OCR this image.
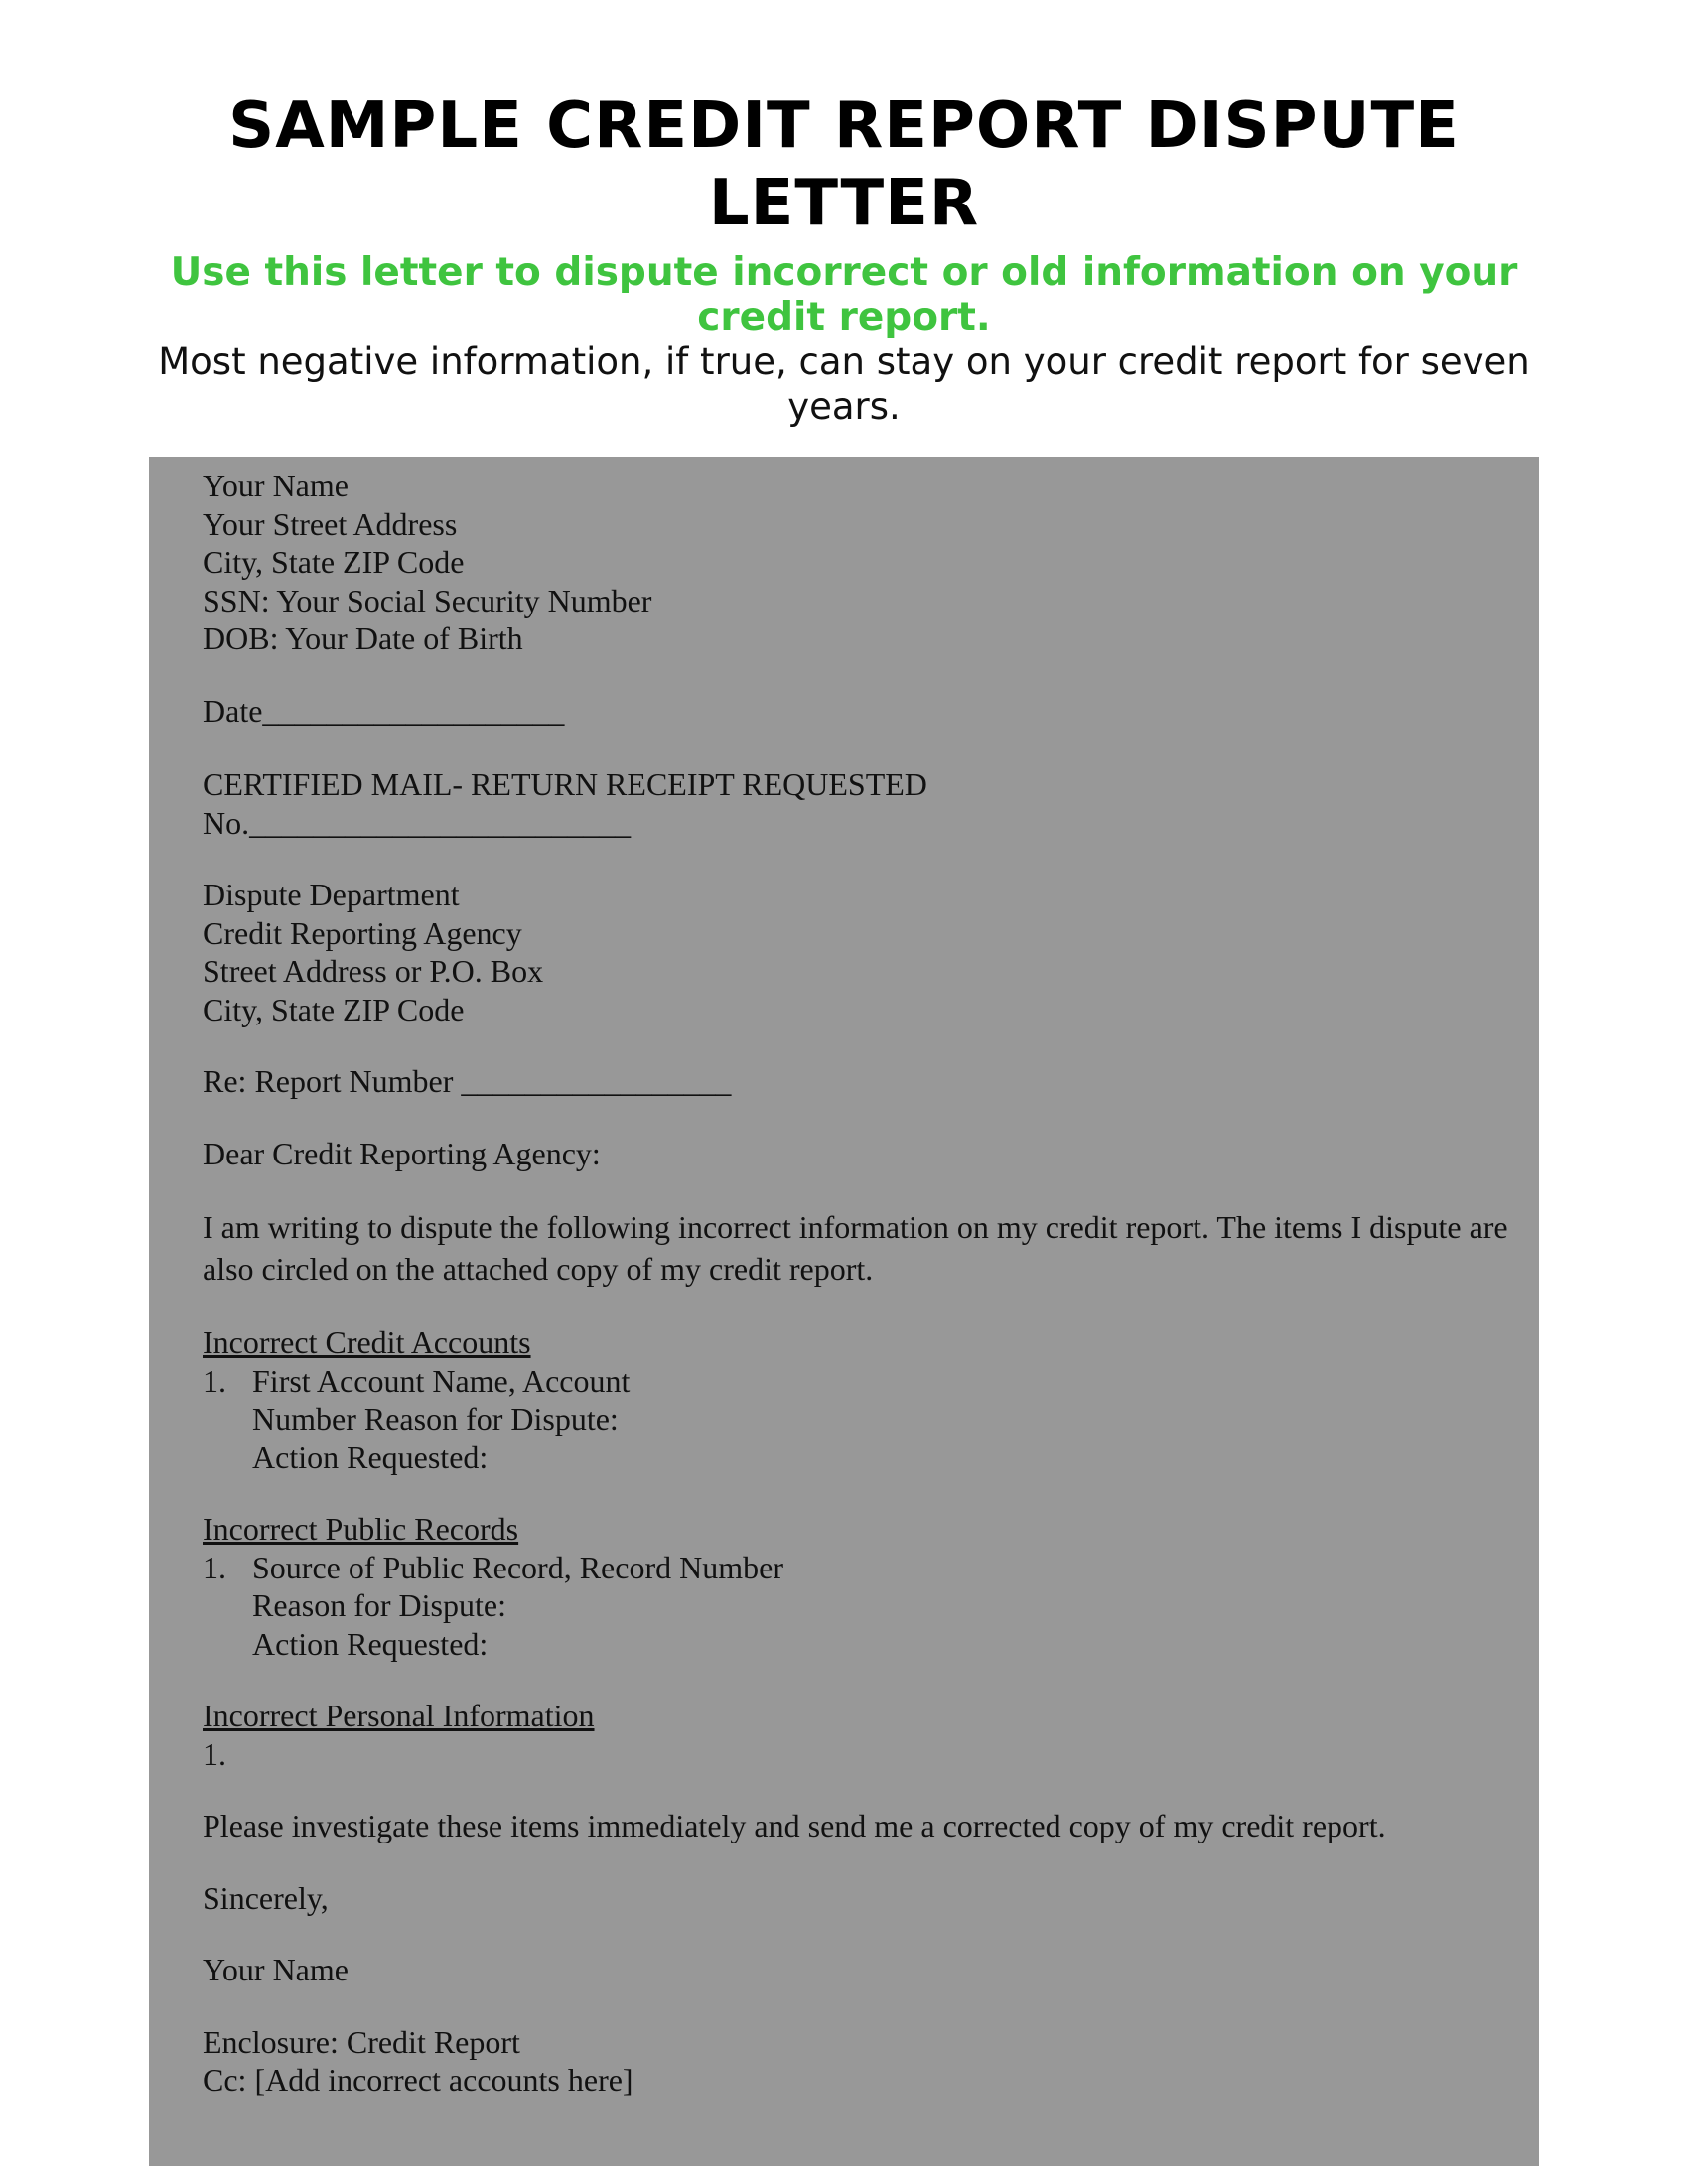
SAMPLE CREDIT REPORT DISPUTE LETTER

Use this letter to dispute incorrect or old information on your credit report.

Most negative information, if true, can stay on your credit report for seven years.

Your Name
Your Street Address
City, State ZIP Code
SSN: Your Social Security Number
DOB: Your Date of Birth
Date___________________
CERTIFIED MAIL- RETURN RECEIPT REQUESTED
No.________________________
Dispute Department
Credit Reporting Agency
Street Address or P.O. Box
City, State ZIP Code
Re: Report Number _________________
Dear Credit Reporting Agency:
I am writing to dispute the following incorrect information on my credit report. The items I dispute are also circled on the attached copy of my credit report.
Incorrect Credit Accounts
1. First Account Name, Account
Number Reason for Dispute:
Action Requested:
Incorrect Public Records
1. Source of Public Record, Record Number
Reason for Dispute:
Action Requested:
Incorrect Personal Information
1.
Please investigate these items immediately and send me a corrected copy of my credit report.
Sincerely,
Your Name
Enclosure: Credit Report
Cc: [Add incorrect accounts here]
